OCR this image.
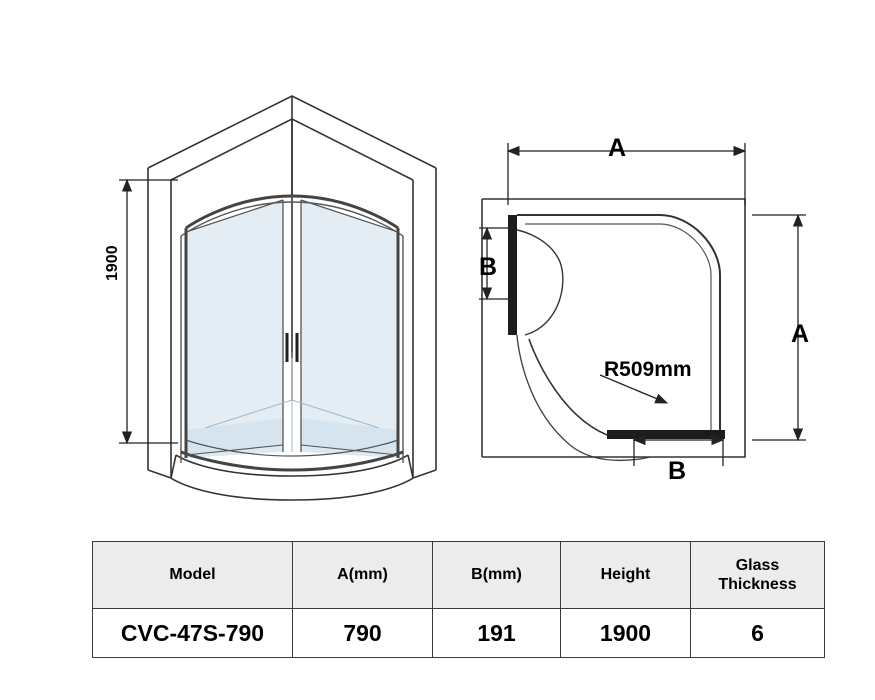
1900
A
A
B
B
R509mm
Model	A(mm)	B(mm)	Height	Glass
Thickness
CVC-47S-790	790	191	1900	6
